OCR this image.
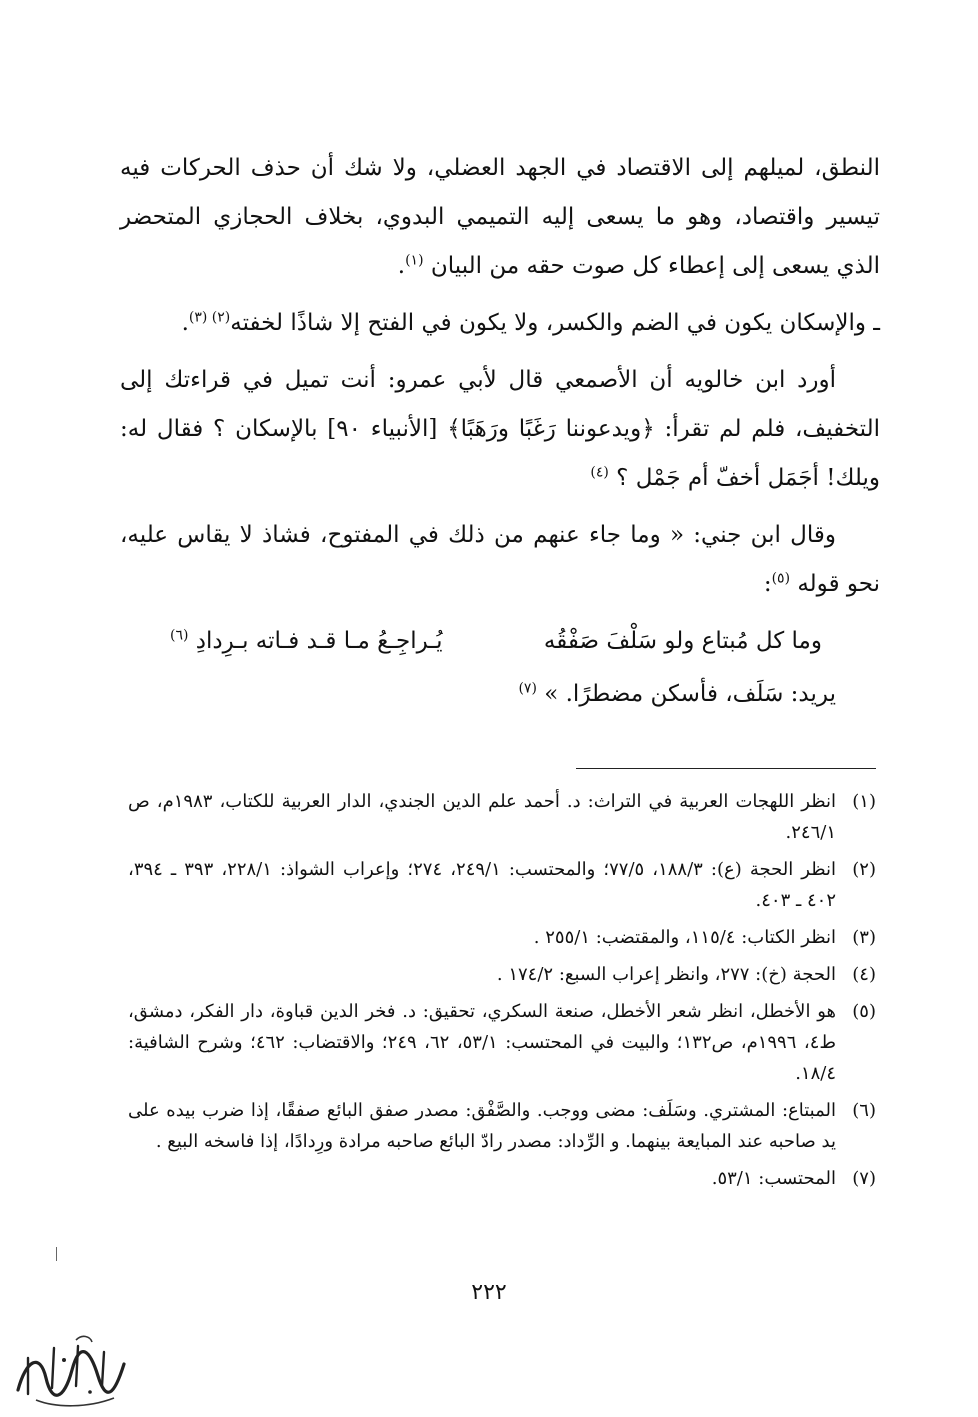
النطق، لميلهم إلى الاقتصاد في الجهد العضلي، ولا شك أن حذف الحركات فيه تيسير واقتصاد، وهو ما يسعى إليه التميمي البدوي، بخلاف الحجازي المتحضر الذي يسعى إلى إعطاء كل صوت حقه من البيان $^{(١)}$.

ـ والإسكان يكون في الضم والكسر، ولا يكون في الفتح إلا شاذًا لخفته$^{(٢) (٣)}$.

أورد ابن خالويه أن الأصمعي قال لأبي عمرو: أنت تميل في قراءتك إلى التخفيف، فلم لم تقرأ: ﴿ويدعوننا رَغَبًا ورَهَبًا﴾ [الأنبياء ٩٠] بالإسكان ؟ فقال له: ويلك! أجَمَل أخفّ أم جَمْل ؟ $^{(٤)}$

وقال ابن جني: « وما جاء عنهم من ذلك في المفتوح، فشاذ لا يقاس عليه، نحو قوله $^{(٥)}$:

وما كل مُبتاع ولو سَلْفَ صَفْقُه
يُـراجِـعُ مـا قـد فـاته بـرِدادِ $^{(٦)}$

يريد: سَلَف، فأسكن مضطرًا. » $^{(٧)}$

(١)
انظر اللهجات العربية في التراث: د. أحمد علم الدين الجندي، الدار العربية للكتاب، ١٩٨٣م، ص ٢٤٦/١.
(٢)
انظر الحجة (ع): ١٨٨/٣، ٧٧/٥؛ والمحتسب: ٢٤٩/١، ٢٧٤؛ وإعراب الشواذ: ٢٢٨/١، ٣٩٣ ـ ٣٩٤، ٤٠٢ ـ ٤٠٣.
(٣)
انظر الكتاب: ١١٥/٤، والمقتضب: ٢٥٥/١ .
(٤)
الحجة (خ): ٢٧٧، وانظر إعراب السبع: ١٧٤/٢ .
(٥)
هو الأخطل، انظر شعر الأخطل، صنعة السكري، تحقيق: د. فخر الدين قباوة، دار الفكر، دمشق، ط٤، ١٩٩٦م، ص١٣٢؛ والبيت في المحتسب: ٥٣/١، ٦٢، ٢٤٩؛ والاقتضاب: ٤٦٢؛ وشرح الشافية: ١٨/٤.
(٦)
المبتاع: المشتري. وسَلَف: مضى ووجب. والصَّفْق: مصدر صفق البائع صفقًا، إذا ضرب بيده على يد صاحبه عند المبايعة بينهما. و الرِّداد: مصدر رادّ البائع صاحبه مرادة ورِدادًا، إذا فاسخه البيع .
(٧)
المحتسب: ٥٣/١.
٢٢٢
